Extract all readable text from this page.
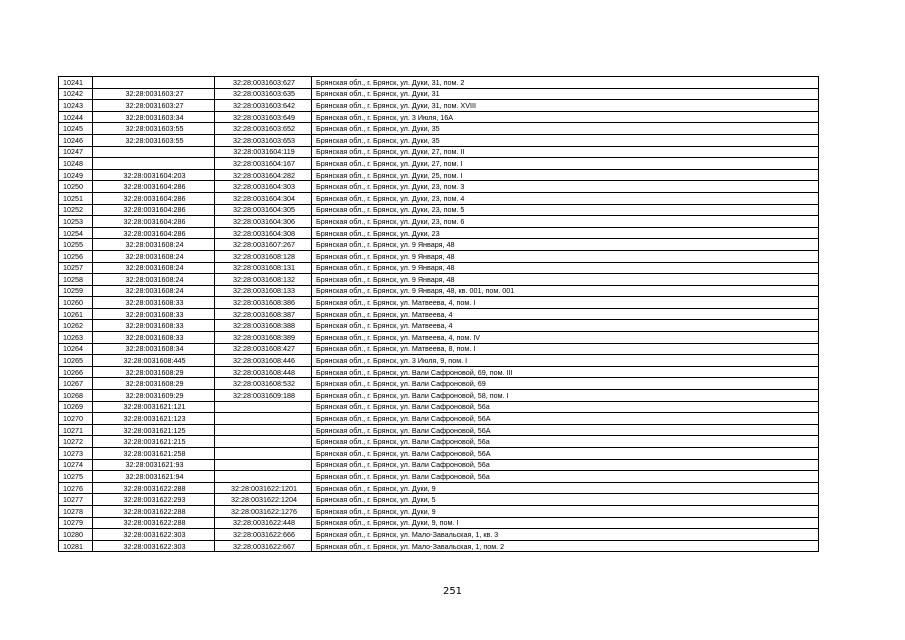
10241		32:28:0031603:627	Брянская обл., г. Брянск, ул. Дуки, 31, пом. 2
10242	32:28:0031603:27	32:28:0031603:635	Брянская обл., г. Брянск, ул. Дуки, 31
10243	32:28:0031603:27	32:28:0031603:642	Брянская обл., г. Брянск, ул. Дуки, 31, пом. XVIII
10244	32:28:0031603:34	32:28:0031603:649	Брянская обл., г. Брянск, ул. 3 Июля, 16А
10245	32:28:0031603:55	32:28:0031603:652	Брянская обл., г. Брянск, ул. Дуки, 35
10246	32:28:0031603:55	32:28:0031603:653	Брянская обл., г. Брянск, ул. Дуки, 35
10247		32:28:0031604:119	Брянская обл., г. Брянск, ул. Дуки, 27, пом. II
10248		32:28:0031604:167	Брянская обл., г. Брянск, ул. Дуки, 27, пом. I
10249	32:28:0031604:203	32:28:0031604:282	Брянская обл., г. Брянск, ул. Дуки, 25, пом. I
10250	32:28:0031604:286	32:28:0031604:303	Брянская обл., г. Брянск, ул. Дуки, 23, пом. 3
10251	32:28:0031604:286	32:28:0031604:304	Брянская обл., г. Брянск, ул. Дуки, 23, пом. 4
10252	32:28:0031604:286	32:28:0031604:305	Брянская обл., г. Брянск, ул. Дуки, 23, пом. 5
10253	32:28:0031604:286	32:28:0031604:306	Брянская обл., г. Брянск, ул. Дуки, 23, пом. 6
10254	32:28:0031604:286	32:28:0031604:308	Брянская обл., г. Брянск, ул. Дуки, 23
10255	32:28:0031608:24	32:28:0031607:267	Брянская обл., г. Брянск, ул. 9 Января, 48
10256	32:28:0031608:24	32:28:0031608:128	Брянская обл., г. Брянск, ул. 9 Января, 48
10257	32:28:0031608:24	32:28:0031608:131	Брянская обл., г. Брянск, ул. 9 Января, 48
10258	32:28:0031608:24	32:28:0031608:132	Брянская обл., г. Брянск, ул. 9 Января, 48
10259	32:28:0031608:24	32:28:0031608:133	Брянская обл., г. Брянск, ул. 9 Января, 48, кв. 001, пом. 001
10260	32:28:0031608:33	32:28:0031608:386	Брянская обл., г. Брянск, ул. Матвеева, 4, пом. I
10261	32:28:0031608:33	32:28:0031608:387	Брянская обл., г. Брянск, ул. Матвеева, 4
10262	32:28:0031608:33	32:28:0031608:388	Брянская обл., г. Брянск, ул. Матвеева, 4
10263	32:28:0031608:33	32:28:0031608:389	Брянская обл., г. Брянск, ул. Матвеева, 4, пом. IV
10264	32:28:0031608:34	32:28:0031608:427	Брянская обл., г. Брянск, ул. Матвеева, 8, пом. I
10265	32:28:0031608:445	32:28:0031608:446	Брянская обл., г. Брянск, ул. 3 Июля, 9, пом. I
10266	32:28:0031608:29	32:28:0031608:448	Брянская обл., г. Брянск, ул. Вали Сафроновой, 69, пом. III
10267	32:28:0031608:29	32:28:0031608:532	Брянская обл., г. Брянск, ул. Вали Сафроновой, 69
10268	32:28:0031609:29	32:28:0031609:188	Брянская обл., г. Брянск, ул. Вали Сафроновой, 58, пом. I
10269	32:28:0031621:121		Брянская обл., г. Брянск, ул. Вали Сафроновой, 56а
10270	32:28:0031621:123		Брянская обл., г. Брянск, ул. Вали Сафроновой, 56А
10271	32:28:0031621:125		Брянская обл., г. Брянск, ул. Вали Сафроновой, 56А
10272	32:28:0031621:215		Брянская обл., г. Брянск, ул. Вали Сафроновой, 56а
10273	32:28:0031621:258		Брянская обл., г. Брянск, ул. Вали Сафроновой, 56А
10274	32:28:0031621:93		Брянская обл., г. Брянск, ул. Вали Сафроновой, 56а
10275	32:28:0031621:94		Брянская обл., г. Брянск, ул. Вали Сафроновой, 56а
10276	32:28:0031622:288	32:28:0031622:1201	Брянская обл., г. Брянск, ул. Дуки, 9
10277	32:28:0031622:293	32:28:0031622:1204	Брянская обл., г. Брянск, ул. Дуки, 5
10278	32:28:0031622:288	32:28:0031622:1276	Брянская обл., г. Брянск, ул. Дуки, 9
10279	32:28:0031622:288	32:28:0031622:448	Брянская обл., г. Брянск, ул. Дуки, 9, пом. I
10280	32:28:0031622:303	32:28:0031622:666	Брянская обл., г. Брянск, ул. Мало-Завальская, 1, кв. 3
10281	32:28:0031622:303	32:28:0031622:667	Брянская обл., г. Брянск, ул. Мало-Завальская, 1, пом. 2
251
